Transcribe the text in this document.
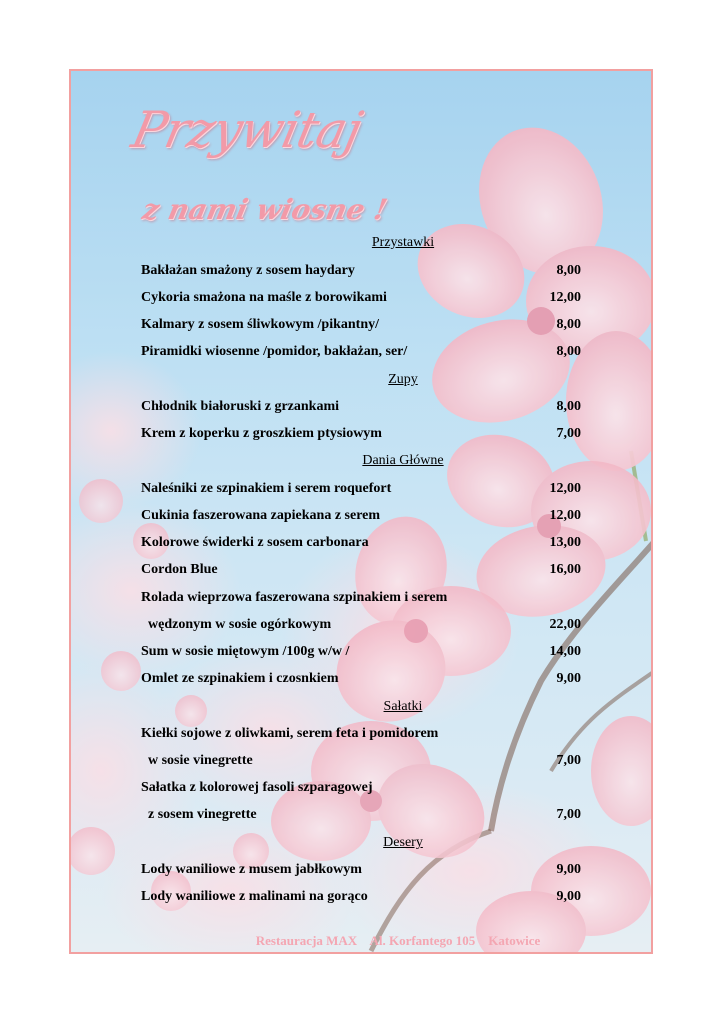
Przywitaj
z nami wiosne !
Przystawki
Bakłażan smażony z sosem haydary	8,00
Cykoria smażona na maśle z borowikami	12,00
Kalmary z sosem śliwkowym /pikantny/	8,00
Piramidki wiosenne /pomidor, bakłażan, ser/	8,00
Zupy
Chłodnik białoruski z grzankami	8,00
Krem z koperku z groszkiem ptysiowym	7,00
Dania Główne
Naleśniki ze szpinakiem i serem roquefort	12,00
Cukinia faszerowana zapiekana z serem	12,00
Kolorowe świderki z sosem carbonara	13,00
Cordon Blue	16,00
Rolada wieprzowa faszerowana szpinakiem i serem
wędzonym w sosie ogórkowym	22,00
Sum w sosie miętowym /100g w/w /	14,00
Omlet ze szpinakiem i czosnkiem	9,00
Sałatki
Kiełki sojowe z oliwkami, serem feta i pomidorem
w sosie vinegrette	7,00
Sałatka z kolorowej fasoli szparagowej
z sosem vinegrette	7,00
Desery
Lody waniliowe z musem jabłkowym	9,00
Lody waniliowe z malinami na gorąco	9,00
Restauracja MAX    Al. Korfantego 105    Katowice
